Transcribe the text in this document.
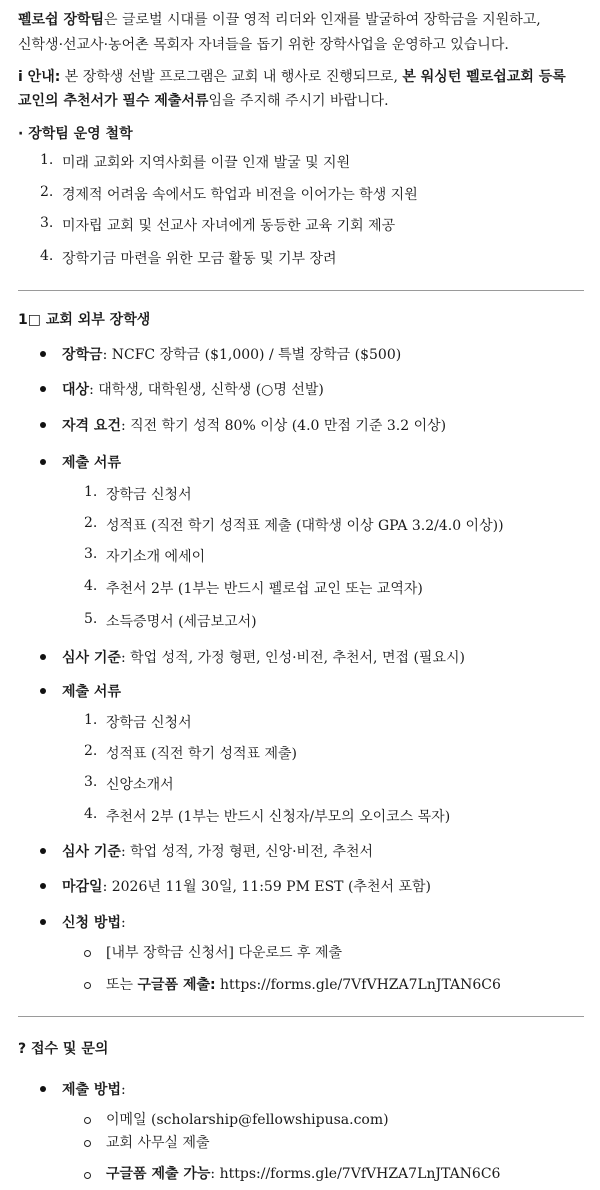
펠로쉽 장학팀은 글로벌 시대를 이끌 영적 리더와 인재를 발굴하여 장학금을 지원하고,
신학생·선교사·농어촌 목회자 자녀들을 돕기 위한 장학사업을 운영하고 있습니다.
i 안내: 본 장학생 선발 프로그램은 교회 내 행사로 진행되므로, 본 워싱턴 펠로쉽교회 등록
교인의 추천서가 필수 제출서류임을 주지해 주시기 바랍니다.
· 장학팀 운영 철학
1. 미래 교회와 지역사회를 이끌 인재 발굴 및 지원
2. 경제적 어려움 속에서도 학업과 비전을 이어가는 학생 지원
3. 미자립 교회 및 선교사 자녀에게 동등한 교육 기회 제공
4. 장학기금 마련을 위한 모금 활동 및 기부 장려
1□ 교회 외부 장학생
장학금: NCFC 장학금 ($1,000) / 특별 장학금 ($500)
대상: 대학생, 대학원생, 신학생 (○명 선발)
자격 요건: 직전 학기 성적 80% 이상 (4.0 만점 기준 3.2 이상)
제출 서류
1. 장학금 신청서
2. 성적표 (직전 학기 성적표 제출 (대학생 이상 GPA 3.2/4.0 이상))
3. 자기소개 에세이
4. 추천서 2부 (1부는 반드시 펠로쉽 교인 또는 교역자)
5. 소득증명서 (세금보고서)
심사 기준: 학업 성적, 가정 형편, 인성·비전, 추천서, 면접 (필요시)
제출 서류
1. 장학금 신청서
2. 성적표 (직전 학기 성적표 제출)
3. 신앙소개서
4. 추천서 2부 (1부는 반드시 신청자/부모의 오이코스 목자)
심사 기준: 학업 성적, 가정 형편, 신앙·비전, 추천서
마감일: 2026년 11월 30일, 11:59 PM EST (추천서 포함)
신청 방법:
[내부 장학금 신청서] 다운로드 후 제출
또는 구글폼 제출: https://forms.gle/7VfVHZA7LnJTAN6C6
? 접수 및 문의
제출 방법:
이메일 (scholarship@fellowshipusa.com)
교회 사무실 제출
구글폼 제출 가능: https://forms.gle/7VfVHZA7LnJTAN6C6
